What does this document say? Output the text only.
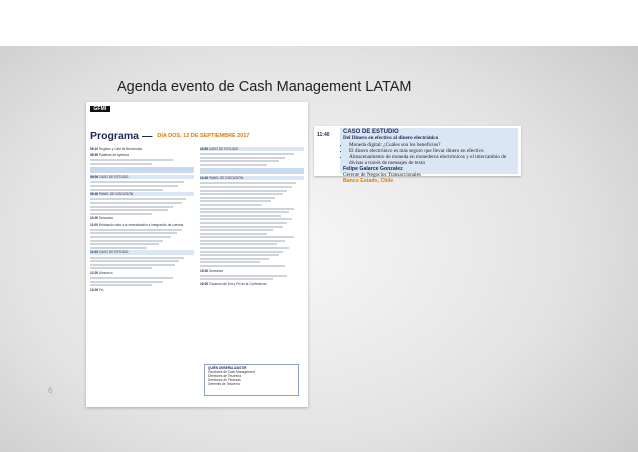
Agenda evento de Cash Management LATAM
GFMI
Programa — DÍA DOS, 12 DE SEPTIEMBRE 2017
08:10 Registro y Café de Bienvenida
08:50 Palabras de Apertura

09:00 CASO DE ESTUDIO
09:40 PANEL DE DISCUSIÓN
10:20 Descanso
11:00 Brindando valor a la centralización e integración de cuentas
11:40 CASO DE ESTUDIO
12:20 Almuerzo
13:00 Fin
14:00 CASO DE ESTUDIO

14:40 PANEL DE DISCUSIÓN
15:20 Descanso
16:00 Clausura del Día y Fin de la Conferencia
QUIÉN DEBERÍA ASISTIR
Directores de Cash Management
Directores de Tesorería
Directores de Finanzas
Gerentes de Tesorería
11:40 CASO DE ESTUDIO
Del Dinero en efectivo al dinero electrónico
• Moneda digital: ¿Cuáles son los beneficios?
• El dinero electrónico es más seguro que llevar dinero en efectivo
• Almacenamiento de moneda en monederos electrónicos y el intercambio de divisas a través de mensajes de texto
Felipe Galarce Gonzalez
Gerente de Negocios Transaccionales
Banco Estado, Chile
6
